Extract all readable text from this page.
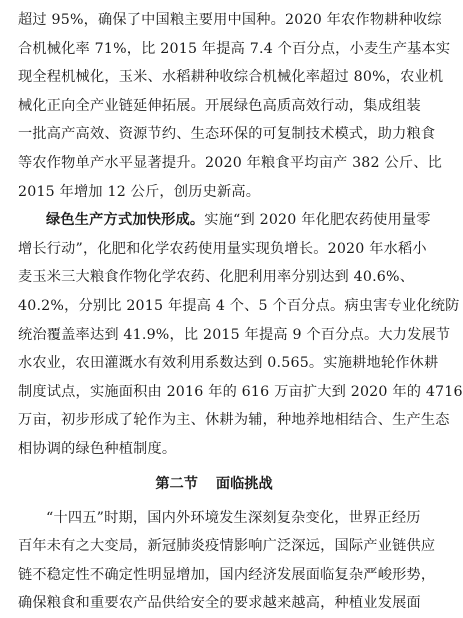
超过 95%，确保了中国粮主要用中国种。2020 年农作物耕种收综
合机械化率 71%，比 2015 年提高 7.4 个百分点，小麦生产基本实
现全程机械化，玉米、水稻耕种收综合机械化率超过 80%，农业机
械化正向全产业链延伸拓展。开展绿色高质高效行动，集成组装
一批高产高效、资源节约、生态环保的可复制技术模式，助力粮食
等农作物单产水平显著提升。2020 年粮食平均亩产 382 公斤、比
2015 年增加 12 公斤，创历史新高。
绿色生产方式加快形成。实施“到 2020 年化肥农药使用量零
增长行动”，化肥和化学农药使用量实现负增长。2020 年水稻小
麦玉米三大粮食作物化学农药、化肥利用率分别达到 40.6%、
40.2%，分别比 2015 年提高 4 个、5 个百分点。病虫害专业化统防
统治覆盖率达到 41.9%，比 2015 年提高 9 个百分点。大力发展节
水农业，农田灌溉水有效利用系数达到 0.565。实施耕地轮作休耕
制度试点，实施面积由 2016 年的 616 万亩扩大到 2020 年的 4716
万亩，初步形成了轮作为主、休耕为辅，种地养地相结合、生产生态
相协调的绿色种植制度。
第二节 面临挑战
“十四五”时期，国内外环境发生深刻复杂变化，世界正经历
百年未有之大变局，新冠肺炎疫情影响广泛深远，国际产业链供应
链不稳定性不确定性明显增加，国内经济发展面临复杂严峻形势，
确保粮食和重要农产品供给安全的要求越来越高，种植业发展面
